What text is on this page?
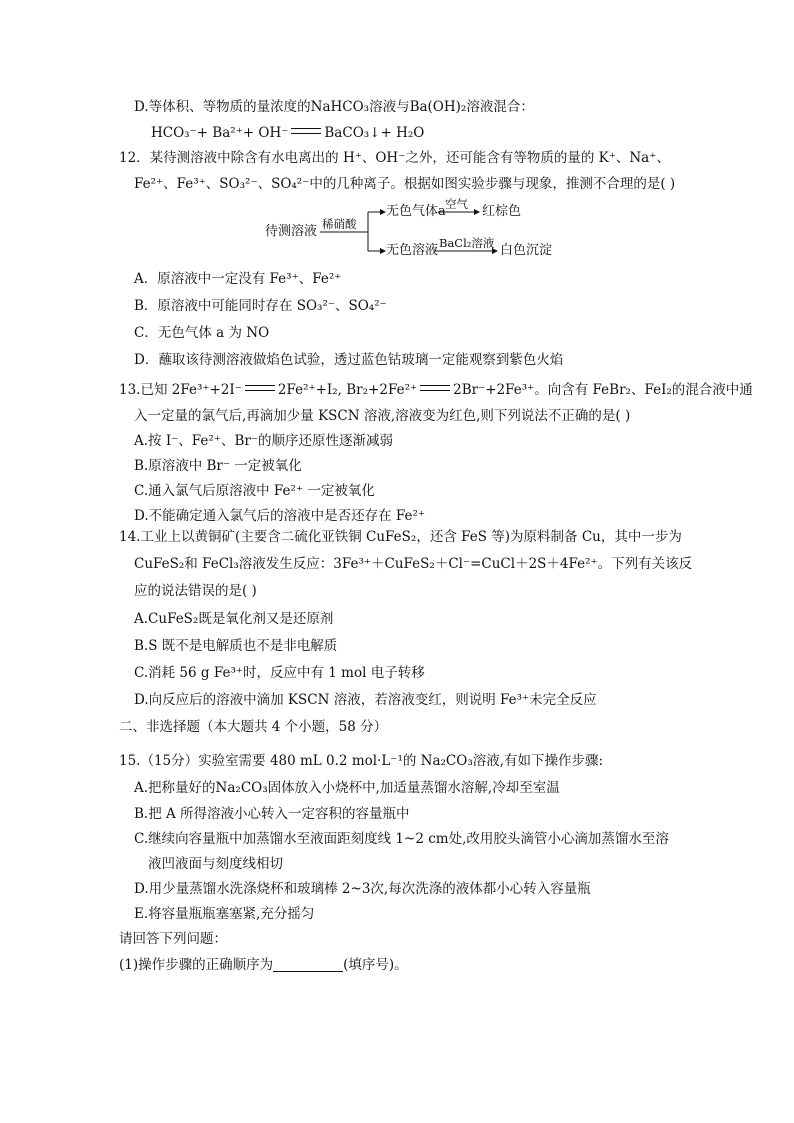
D.等体积、等物质的量浓度的NaHCO₃溶液与Ba(OH)₂溶液混合：
HCO₃⁻+ Ba²⁺+ OH⁻	BaCO₃↓+ H₂O
12．某待测溶液中除含有水电离出的 H⁺、OH⁻之外，还可能含有等物质的量的 K⁺、Na⁺、
Fe²⁺、Fe³⁺、SO₃²⁻、SO₄²⁻中的几种离子。根据如图实验步骤与现象，推测不合理的是( )
待测溶液 稀硝酸
无色气体a 空气 红棕色
无色溶液 BaCl₂溶液 白色沉淀
A．原溶液中一定没有 Fe³⁺、Fe²⁺
B．原溶液中可能同时存在 SO₃²⁻、SO₄²⁻
C．无色气体 a 为 NO
D．蘸取该待测溶液做焰色试验，透过蓝色钴玻璃一定能观察到紫色火焰
13.已知 2Fe³⁺+2I⁻	2Fe²⁺+I₂, Br₂+2Fe²⁺	2Br⁻+2Fe³⁺。向含有 FeBr₂、FeI₂的混合液中通
入一定量的氯气后,再滴加少量 KSCN 溶液,溶液变为红色,则下列说法不正确的是( )
A.按 I⁻、Fe²⁺、Br⁻的顺序还原性逐渐减弱
B.原溶液中 Br⁻ 一定被氧化
C.通入氯气后原溶液中 Fe²⁺ 一定被氧化
D.不能确定通入氯气后的溶液中是否还存在 Fe²⁺
14.工业上以黄铜矿(主要含二硫化亚铁铜 CuFeS₂，还含 FeS 等)为原料制备 Cu，其中一步为
CuFeS₂和 FeCl₃溶液发生反应：3Fe³⁺＋CuFeS₂＋Cl⁻=CuCl＋2S＋4Fe²⁺。下列有关该反
应的说法错误的是( )
A.CuFeS₂既是氧化剂又是还原剂
B.S 既不是电解质也不是非电解质
C.消耗 56 g Fe³⁺时，反应中有 1 mol 电子转移
D.向反应后的溶液中滴加 KSCN 溶液，若溶液变红，则说明 Fe³⁺未完全反应
二、非选择题（本大题共 4 个小题，58 分）
15.（15分）实验室需要 480 mL 0.2 mol·L⁻¹的 Na₂CO₃溶液,有如下操作步骤:
A.把称量好的Na₂CO₃固体放入小烧杯中,加适量蒸馏水溶解,冷却至室温
B.把 A 所得溶液小心转入一定容积的容量瓶中
C.继续向容量瓶中加蒸馏水至液面距刻度线 1~2 cm处,改用胶头滴管小心滴加蒸馏水至溶
液凹液面与刻度线相切
D.用少量蒸馏水洗涤烧杯和玻璃棒 2~3次,每次洗涤的液体都小心转入容量瓶
E.将容量瓶瓶塞塞紧,充分摇匀
请回答下列问题：
(1)操作步骤的正确顺序为	(填序号)。
